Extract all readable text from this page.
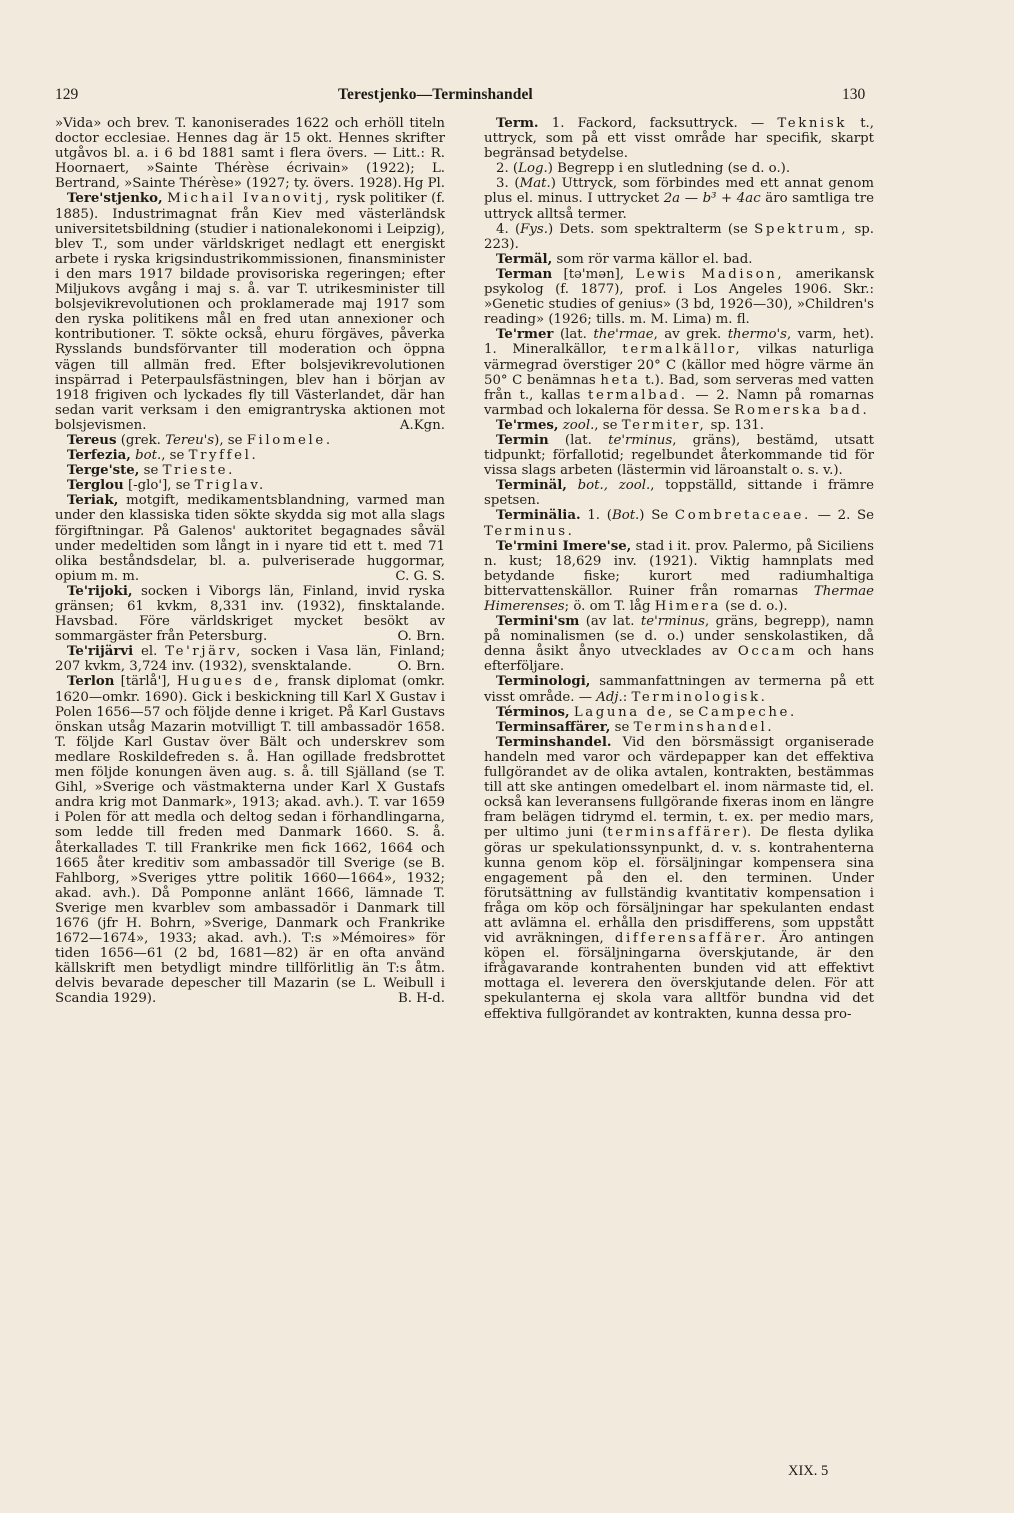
129	Terestjenko—Terminshandel	130

»Vida» och brev. T. kanoniserades 1622 och erhöll titeln doctor ecclesiae. Hennes dag är 15 okt. Hennes skrifter utgåvos bl. a. i 6 bd 1881 samt i flera övers. — Litt.: R. Hoornaert, »Sainte Thérèse écrivain» (1922); L. Bertrand, »Sainte Thérèse» (1927; ty. övers. 1928). Hg Pl.

Tere'stjenko, Michail Ivanovitj, rysk politiker (f. 1885). Industrimagnat från Kiev med västerländsk universitetsbildning (studier i nationalekonomi i Leipzig), blev T., som under världskriget nedlagt ett energiskt arbete i ryska krigsindustrikommissionen, finansminister i den mars 1917 bildade provisoriska regeringen; efter Miljukovs avgång i maj s. å. var T. utrikesminister till bolsjevikrevolutionen och proklamerade maj 1917 som den ryska politikens mål en fred utan annexioner och kontributioner. T. sökte också, ehuru förgäves, påverka Rysslands bundsförvanter till moderation och öppna vägen till allmän fred. Efter bolsjevikrevolutionen inspärrad i Peterpaulsfästningen, blev han i början av 1918 frigiven och lyckades fly till Västerlandet, där han sedan varit verksam i den emigrantryska aktionen mot bolsjevismen.	A.Kgn.

Tereus (grek. Tereu's), se Filomele.

Terfezia, bot., se Tryffel.

Terge'ste, se Trieste.

Terglou [-glo'], se Triglav.

Teriak, motgift, medikamentsblandning, varmed man under den klassiska tiden sökte skydda sig mot alla slags förgiftningar. På Galenos' auktoritet begagnades såväl under medeltiden som långt in i nyare tid ett t. med 71 olika beståndsdelar, bl. a. pulveriserade huggormar, opium m. m.	C. G. S.

Te'rijoki, socken i Viborgs län, Finland, invid ryska gränsen; 61 kvkm, 8,331 inv. (1932), finsktalande. Havsbad. Före världskriget mycket besökt av sommargäster från Petersburg.	O. Brn.

Te'rijärvi el. Te'rjärv, socken i Vasa län, Finland; 207 kvkm, 3,724 inv. (1932), svensktalande.	O. Brn.

Terlon [tärlå'], Hugues de, fransk diplomat (omkr. 1620—omkr. 1690). Gick i beskickning till Karl X Gustav i Polen 1656—57 och följde denne i kriget. På Karl Gustavs önskan utsåg Mazarin motvilligt T. till ambassadör 1658. T. följde Karl Gustav över Bält och underskrev som medlare Roskildefreden s. å. Han ogillade fredsbrottet men följde konungen även aug. s. å. till Själland (se T. Gihl, »Sverige och västmakterna under Karl X Gustafs andra krig mot Danmark», 1913; akad. avh.). T. var 1659 i Polen för att medla och deltog sedan i förhandlingarna, som ledde till freden med Danmark 1660. S. å. återkallades T. till Frankrike men fick 1662, 1664 och 1665 åter kreditiv som ambassadör till Sverige (se B. Fahlborg, »Sveriges yttre politik 1660—1664», 1932; akad. avh.). Då Pomponne anlänt 1666, lämnade T. Sverige men kvarblev som ambassadör i Danmark till 1676 (jfr H. Bohrn, »Sverige, Danmark och Frankrike 1672—1674», 1933; akad. avh.). T:s »Mémoires» för tiden 1656—61 (2 bd, 1681—82) är en ofta använd källskrift men betydligt mindre tillförlitlig än T:s åtm. delvis bevarade depescher till Mazarin (se L. Weibull i Scandia 1929).	B. H-d.

Term. 1. Fackord, facksuttryck. — Teknisk t., uttryck, som på ett visst område har specifik, skarpt begränsad betydelse.

2. (Log.) Begrepp i en slutledning (se d. o.).

3. (Mat.) Uttryck, som förbindes med ett annat genom plus el. minus. I uttrycket 2a — b³ + 4ac äro samtliga tre uttryck alltså termer.

4. (Fys.) Dets. som spektralterm (se Spektrum, sp. 223).

Termäl, som rör varma källor el. bad.

Terman [tə'mən], Lewis Madison, amerikansk psykolog (f. 1877), prof. i Los Angeles 1906. Skr.: »Genetic studies of genius» (3 bd, 1926—30), »Children's reading» (1926; tills. m. M. Lima) m. fl.

Te'rmer (lat. the'rmae, av grek. thermo's, varm, het). 1. Mineralkällor, termalkällor, vilkas naturliga värmegrad överstiger 20° C (källor med högre värme än 50° C benämnas heta t.). Bad, som serveras med vatten från t., kallas termalbad. — 2. Namn på romarnas varmbad och lokalerna för dessa. Se Romerska bad.

Te'rmes, zool., se Termiter, sp. 131.

Termin (lat. te'rminus, gräns), bestämd, utsatt tidpunkt; förfallotid; regelbundet återkommande tid för vissa slags arbeten (lästermin vid läroanstalt o. s. v.).

Terminäl, bot., zool., toppställd, sittande i främre spetsen.

Terminälia. 1. (Bot.) Se Combretaceae. — 2. Se Terminus.

Te'rmini Imere'se, stad i it. prov. Palermo, på Siciliens n. kust; 18,629 inv. (1921). Viktig hamnplats med betydande fiske; kurort med radiumhaltiga bittervattenskällor. Ruiner från romarnas Thermae Himerenses; ö. om T. låg Himera (se d. o.).

Termini'sm (av lat. te'rminus, gräns, begrepp), namn på nominalismen (se d. o.) under senskolastiken, då denna åsikt ånyo utvecklades av Occam och hans efterföljare.

Terminologi, sammanfattningen av termerna på ett visst område. — Adj.: Terminologisk.

Términos, Laguna de, se Campeche.

Terminsaffärer, se Terminshandel.

Terminshandel. Vid den börsmässigt organiserade handeln med varor och värdepapper kan det effektiva fullgörandet av de olika avtalen, kontrakten, bestämmas till att ske antingen omedelbart el. inom närmaste tid, el. också kan leveransens fullgörande fixeras inom en längre fram belägen tidrymd el. termin, t. ex. per medio mars, per ultimo juni (terminsaffärer). De flesta dylika göras ur spekulationssynpunkt, d. v. s. kontrahenterna kunna genom köp el. försäljningar kompensera sina engagement på den el. den terminen. Under förutsättning av fullständig kvantitativ kompensation i fråga om köp och försäljningar har spekulanten endast att avlämna el. erhålla den prisdifferens, som uppstått vid avräkningen, differensaffärer. Äro antingen köpen el. försäljningarna överskjutande, är den ifrågavarande kontrahenten bunden vid att effektivt mottaga el. leverera den överskjutande delen. För att spekulanterna ej skola vara alltför bundna vid det effektiva fullgörandet av kontrakten, kunna dessa pro-

XIX. 5
